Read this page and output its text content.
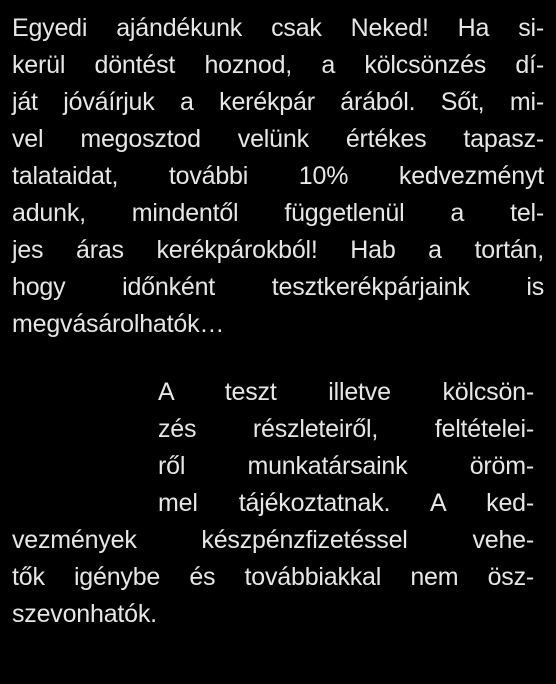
Egyedi ajándékunk csak Neked! Ha si-
kerül döntést hoznod, a kölcsönzés dí-
ját jóváírjuk a kerékpár árából. Sőt, mi-
vel megosztod velünk értékes tapasz-
talataidat, további 10% kedvezményt
adunk, mindentől függetlenül a tel-
jes áras kerékpárokból! Hab a tortán,
hogy időnként tesztkerékpárjaink is
megvásárolhatók…
A teszt illetve kölcsön-
zés részleteiről, feltételei-
ről munkatársaink öröm-
mel tájékoztatnak. A ked-
vezmények készpénzfizetéssel vehe-
tők igénybe és továbbiakkal nem ösz-
szevonhatók.
